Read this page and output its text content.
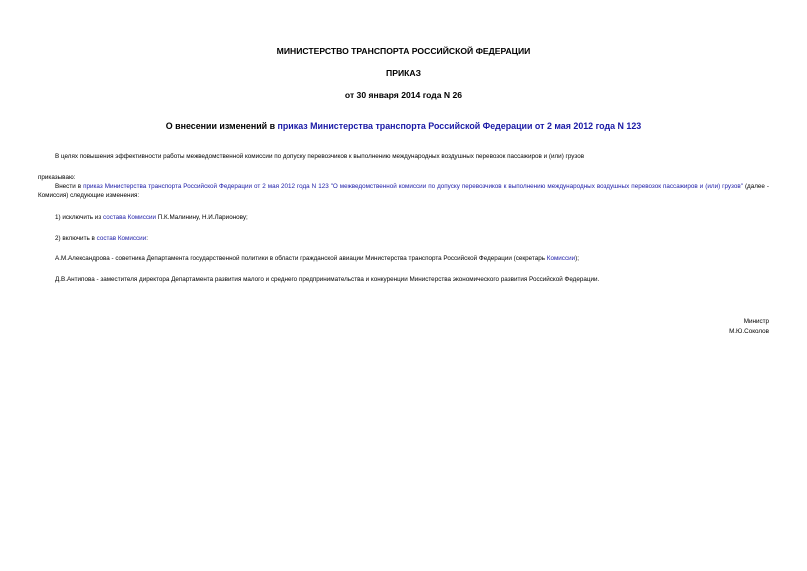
МИНИСТЕРСТВО ТРАНСПОРТА РОССИЙСКОЙ ФЕДЕРАЦИИ
ПРИКАЗ
от 30 января 2014 года N 26
О внесении изменений в приказ Министерства транспорта Российской Федерации от 2 мая 2012 года N 123
В целях повышения эффективности работы межведомственной комиссии по допуску перевозчиков к выполнению международных воздушных перевозок пассажиров и (или) грузов
приказываю:
Внести в приказ Министерства транспорта Российской Федерации от 2 мая 2012 года N 123 "О межведомственной комиссии по допуску перевозчиков к выполнению международных воздушных перевозок пассажиров и (или) грузов" (далее - Комиссия) следующие изменения:
1) исключить из состава Комиссии П.К.Малинину, Н.И.Ларионову;
2) включить в состав Комиссии:
А.М.Александрова - советника Департамента государственной политики в области гражданской авиации Министерства транспорта Российской Федерации (секретарь Комиссии);
Д.В.Антипова - заместителя директора Департамента развития малого и среднего предпринимательства и конкуренции Министерства экономического развития Российской Федерации.
Министр
М.Ю.Соколов
